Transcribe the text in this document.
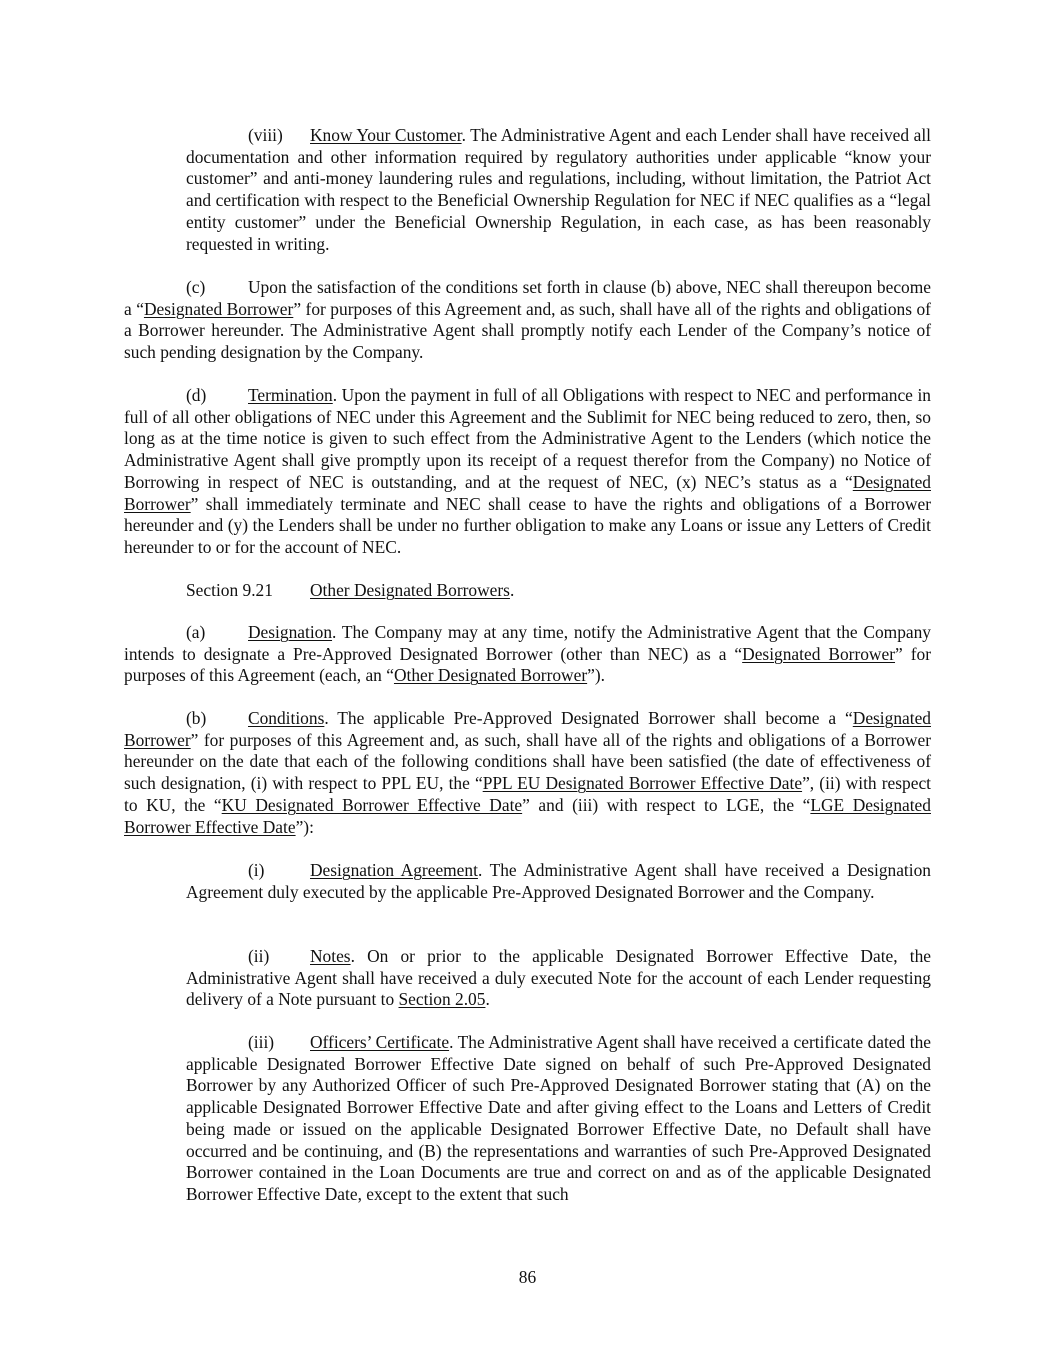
(viii) Know Your Customer. The Administrative Agent and each Lender shall have received all documentation and other information required by regulatory authorities under applicable “know your customer” and anti-money laundering rules and regulations, including, without limitation, the Patriot Act and certification with respect to the Beneficial Ownership Regulation for NEC if NEC qualifies as a “legal entity customer” under the Beneficial Ownership Regulation, in each case, as has been reasonably requested in writing.

(c) Upon the satisfaction of the conditions set forth in clause (b) above, NEC shall thereupon become a “Designated Borrower” for purposes of this Agreement and, as such, shall have all of the rights and obligations of a Borrower hereunder. The Administrative Agent shall promptly notify each Lender of the Company’s notice of such pending designation by the Company.

(d) Termination. Upon the payment in full of all Obligations with respect to NEC and performance in full of all other obligations of NEC under this Agreement and the Sublimit for NEC being reduced to zero, then, so long as at the time notice is given to such effect from the Administrative Agent to the Lenders (which notice the Administrative Agent shall give promptly upon its receipt of a request therefor from the Company) no Notice of Borrowing in respect of NEC is outstanding, and at the request of NEC, (x) NEC’s status as a “Designated Borrower” shall immediately terminate and NEC shall cease to have the rights and obligations of a Borrower hereunder and (y) the Lenders shall be under no further obligation to make any Loans or issue any Letters of Credit hereunder to or for the account of NEC.

Section 9.21 Other Designated Borrowers.

(a) Designation. The Company may at any time, notify the Administrative Agent that the Company intends to designate a Pre-Approved Designated Borrower (other than NEC) as a “Designated Borrower” for purposes of this Agreement (each, an “Other Designated Borrower”).

(b) Conditions. The applicable Pre-Approved Designated Borrower shall become a “Designated Borrower” for purposes of this Agreement and, as such, shall have all of the rights and obligations of a Borrower hereunder on the date that each of the following conditions shall have been satisfied (the date of effectiveness of such designation, (i) with respect to PPL EU, the “PPL EU Designated Borrower Effective Date”, (ii) with respect to KU, the “KU Designated Borrower Effective Date” and (iii) with respect to LGE, the “LGE Designated Borrower Effective Date”):

(i)	Designation Agreement. The Administrative Agent shall have received a Designation Agreement duly executed by the applicable Pre-Approved Designated Borrower and the Company.

(ii) Notes. On or prior to the applicable Designated Borrower Effective Date, the Administrative Agent shall have received a duly executed Note for the account of each Lender requesting delivery of a Note pursuant to Section 2.05.

(iii) Officers’ Certificate. The Administrative Agent shall have received a certificate dated the applicable Designated Borrower Effective Date signed on behalf of such Pre-Approved Designated Borrower by any Authorized Officer of such Pre-Approved Designated Borrower stating that (A) on the applicable Designated Borrower Effective Date and after giving effect to the Loans and Letters of Credit being made or issued on the applicable Designated Borrower Effective Date, no Default shall have occurred and be continuing, and (B) the representations and warranties of such Pre-Approved Designated Borrower contained in the Loan Documents are true and correct on and as of the applicable Designated Borrower Effective Date, except to the extent that such

86
